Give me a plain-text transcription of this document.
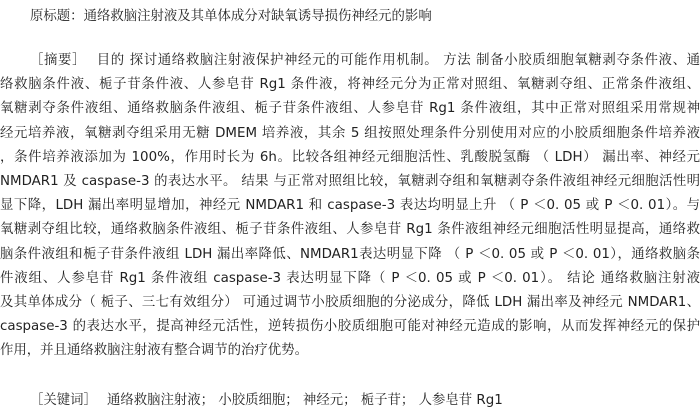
原标题：通络救脑注射液及其单体成分对缺氧诱导损伤神经元的影响
［摘要］ 目的 探讨通络救脑注射液保护神经元的可能作用机制。 方法 制备小胶质细胞氧糖剥夺条件液、通
络救脑条件液、栀子苷条件液、人参皂苷 Rg1 条件液，将神经元分为正常对照组、氧糖剥夺组、正常条件液组、
氧糖剥夺条件液组、通络救脑条件液组、栀子苷条件液组、人参皂苷 Rg1 条件液组，其中正常对照组采用常规神
经元培养液，氧糖剥夺组采用无糖 DMEM 培养液，其余 5 组按照处理条件分别使用对应的小胶质细胞条件培养液
，条件培养液添加为 100%，作用时长为 6h。比较各组神经元细胞活性、乳酸脱氢酶 （ LDH） 漏出率、神经元
NMDAR1 及 caspase-3 的表达水平。 结果 与正常对照组比较，氧糖剥夺组和氧糖剥夺条件液组神经元细胞活性明
显下降，LDH 漏出率明显增加，神经元 NMDAR1 和 caspase-3 表达均明显上升 （ P ＜0. 05 或 P ＜0. 01）。与
氧糖剥夺组比较，通络救脑条件液组、栀子苷条件液组、人参皂苷 Rg1 条件液组神经元细胞活性明显提高，通络救
脑条件液组和栀子苷条件液组 LDH 漏出率降低、NMDAR1表达明显下降 （ P ＜0. 05 或 P ＜0. 01），通络救脑条
件液组、人参皂苷 Rg1 条件液组 caspase-3 表达明显下降（ P ＜0. 05 或 P ＜0. 01）。 结论 通络救脑注射液
及其单体成分（ 栀子、三七有效组分） 可通过调节小胶质细胞的分泌成分，降低 LDH 漏出率及神经元 NMDAR1、
caspase-3 的表达水平，提高神经元活性，逆转损伤小胶质细胞可能对神经元造成的影响，从而发挥神经元的保护
作用，并且通络救脑注射液有整合调节的治疗优势。
［关键词］ 通络救脑注射液； 小胶质细胞； 神经元； 栀子苷； 人参皂苷 Rg1
